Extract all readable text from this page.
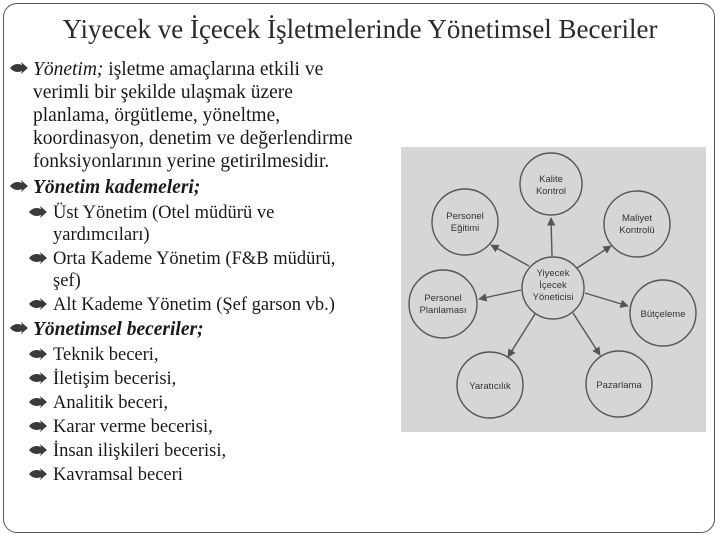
Yiyecek ve İçecek İşletmelerinde Yönetimsel Beceriler
Yönetim; işletme amaçlarına etkili ve
verimli bir şekilde ulaşmak üzere
planlama, örgütleme, yöneltme,
koordinasyon, denetim ve değerlendirme
fonksiyonlarının yerine getirilmesidir.
Yönetim kademeleri;
Üst Yönetim (Otel müdürü ve
yardımcıları)
Orta Kademe Yönetim (F&B müdürü,
şef)
Alt Kademe Yönetim (Şef garson vb.)
Yönetimsel beceriler;
Teknik beceri,
İletişim becerisi,
Analitik beceri,
Karar verme becerisi,
İnsan ilişkileri becerisi,
Kavramsal beceri
Yiyecek
İçecek
Yöneticisi
Kalite
Kontrol
Personel
Eğitimi
Maliyet
Kontrolü
Personel
Planlaması	Bütçeleme
Yaratıcılık	Pazarlama
